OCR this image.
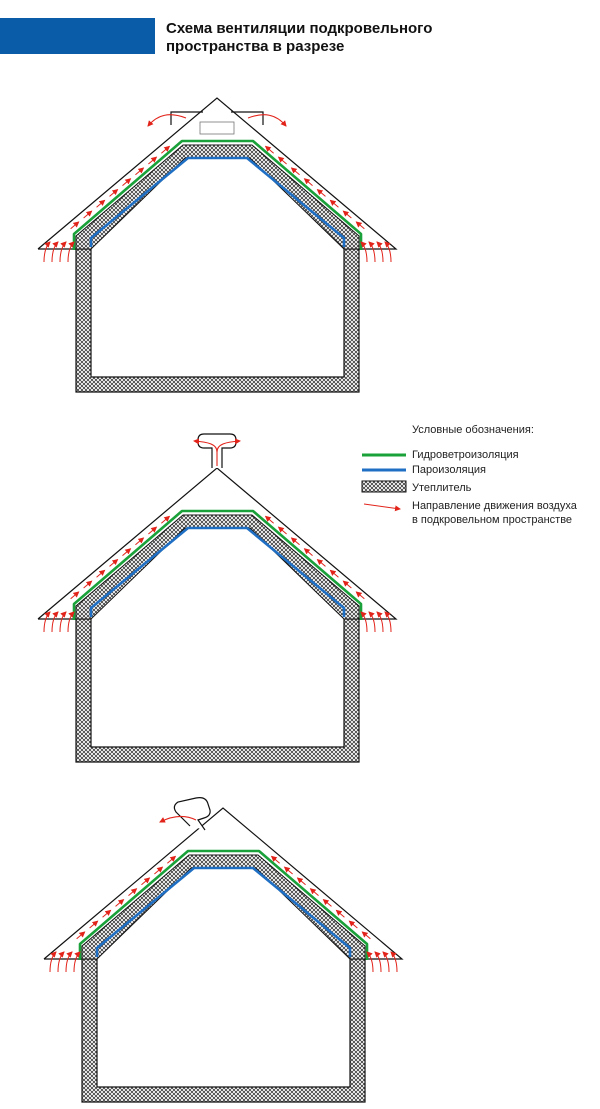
Схема вентиляции подкровельного
пространства в разрезе
Условные обозначения:
Гидроветроизоляция
Пароизоляция
Утеплитель
Направление движения воздуха
в подкровельном пространстве
